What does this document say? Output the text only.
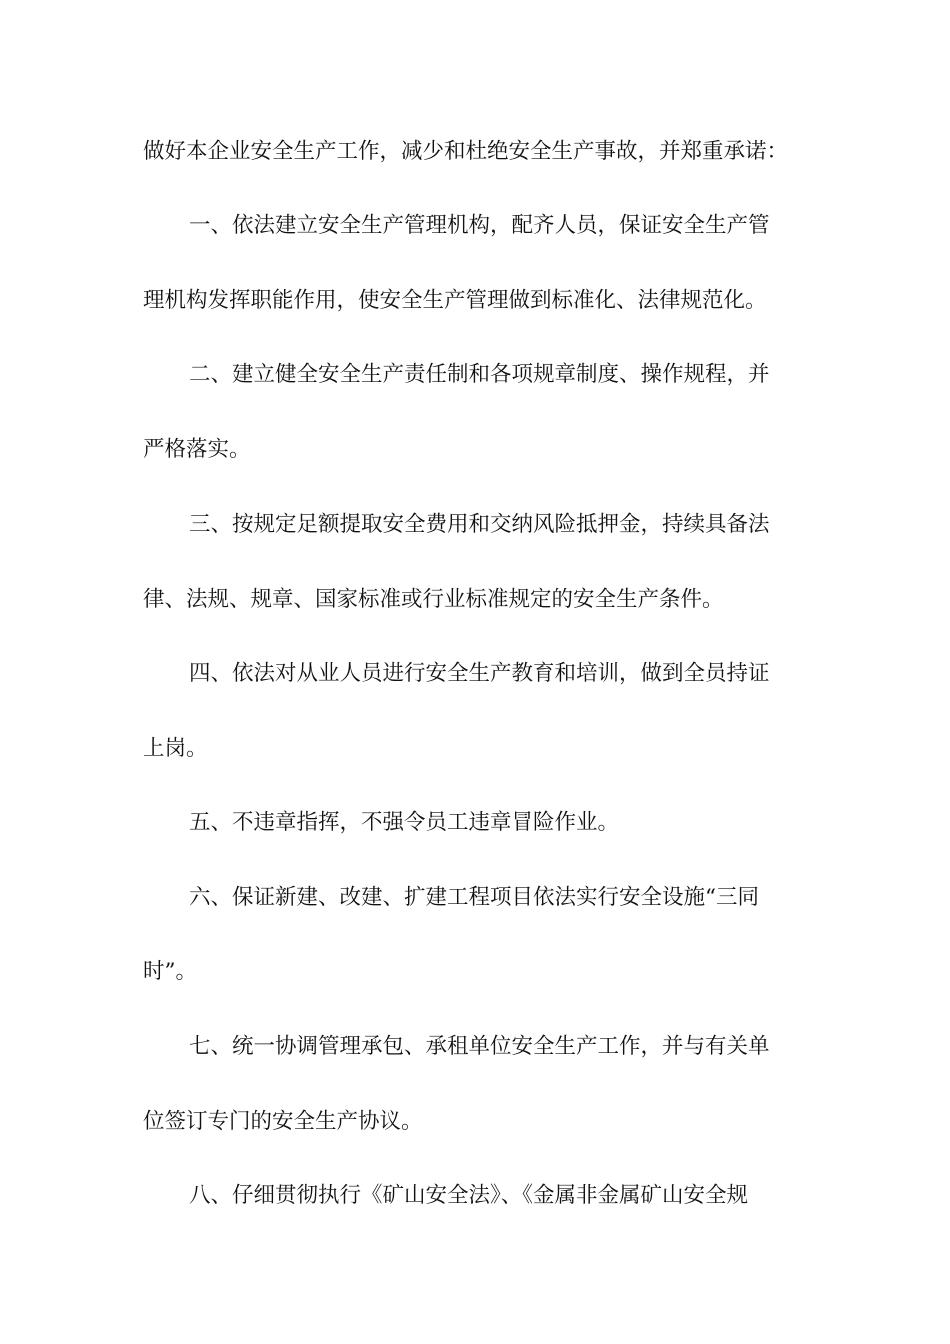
做好本企业安全生产工作，减少和杜绝安全生产事故，并郑重承诺：
一、依法建立安全生产管理机构，配齐人员，保证安全生产管
理机构发挥职能作用，使安全生产管理做到标准化、法律规范化。
二、建立健全安全生产责任制和各项规章制度、操作规程，并
严格落实。
三、按规定足额提取安全费用和交纳风险抵押金，持续具备法
律、法规、规章、国家标准或行业标准规定的安全生产条件。
四、依法对从业人员进行安全生产教育和培训，做到全员持证
上岗。
五、不违章指挥，不强令员工违章冒险作业。
六、保证新建、改建、扩建工程项目依法实行安全设施“三同
时”。
七、统一协调管理承包、承租单位安全生产工作，并与有关单
位签订专门的安全生产协议。
八、仔细贯彻执行《矿山安全法》、《金属非金属矿山安全规
